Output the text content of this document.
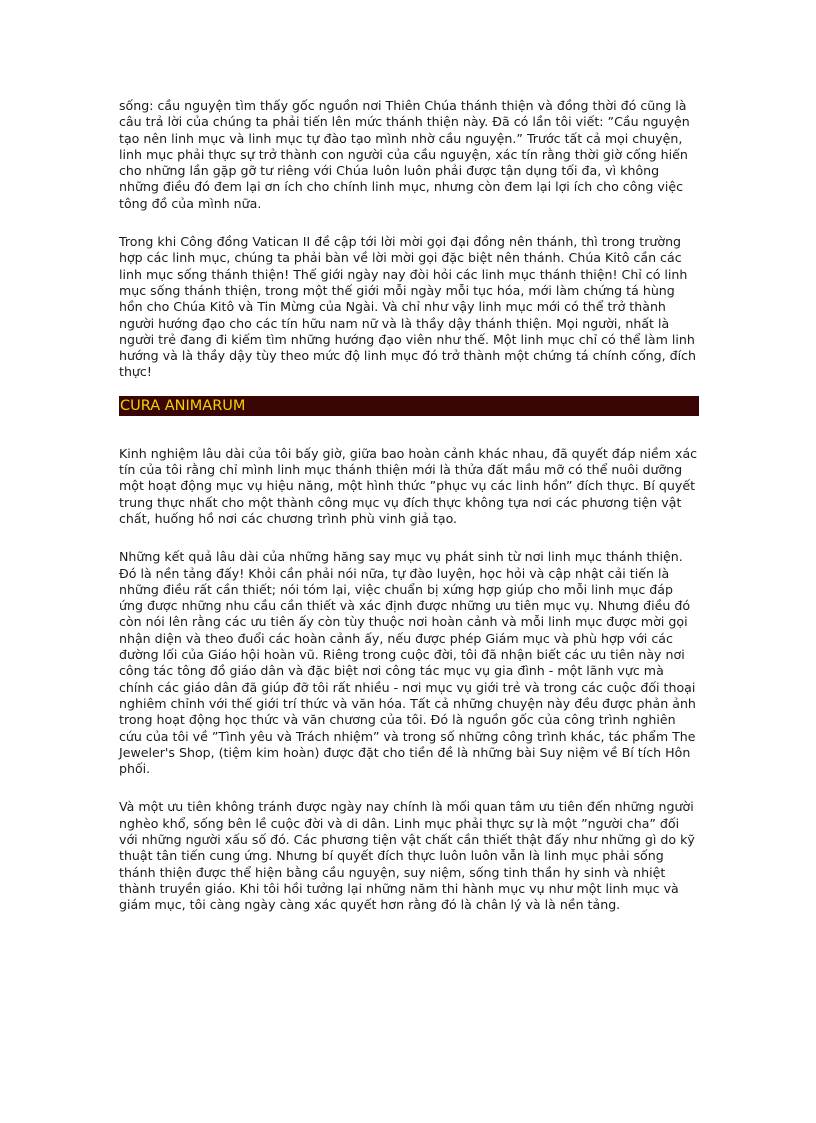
sống: cầu nguyện tìm thấy gốc nguồn nơi Thiên Chúa thánh thiện và đồng thời đó cũng là câu trả lời của chúng ta phải tiến lên mức thánh thiện này. Đã có lần tôi viết: ”Cầu nguyện tạo nên linh mục và linh mục tự đào tạo mình nhờ cầu nguyện.” Trước tất cả mọi chuyện, linh mục phải thực sự trở thành con người của cầu nguyện, xác tín rằng thời giờ cống hiến cho những lần gặp gỡ tư riêng với Chúa luôn luôn phải được tận dụng tối đa, vì không những điều đó đem lại ơn ích cho chính linh mục, nhưng còn đem lại lợi ích cho công việc tông đồ của mình nữa.

Trong khi Công đồng Vatican II đề cập tới lời mời gọi đại đồng nên thánh, thì trong trường hợp các linh mục, chúng ta phải bàn về lời mời gọi đặc biệt nên thánh. Chúa Kitô cần các linh mục sống thánh thiện! Thế giới ngày nay đòi hỏi các linh mục thánh thiện! Chỉ có linh mục sống thánh thiện, trong một thế giới mỗi ngày mỗi tục hóa, mới làm chứng tá hùng hồn cho Chúa Kitô và Tin Mừng của Ngài. Và chỉ như vậy linh mục mới có thể trở thành người hướng đạo cho các tín hữu nam nữ và là thầy dậy thánh thiện. Mọi người, nhất là người trẻ đang đi kiếm tìm những hướng đạo viên như thế. Một linh mục chỉ có thể làm linh hướng và là thầy dậy tùy theo mức độ linh mục đó trở thành một chứng tá chính cống, đích thực!

CURA ANIMARUM

Kinh nghiệm lâu dài của tôi bấy giờ, giữa bao hoàn cảnh khác nhau, đã quyết đáp niềm xác tín của tôi rằng chỉ mình linh mục thánh thiện mới là thửa đất mầu mỡ có thể nuôi dưỡng một hoạt động mục vụ hiệu năng, một hình thức ”phục vụ các linh hồn” đích thực. Bí quyết trung thực nhất cho một thành công mục vụ đích thực không tựa nơi các phương tiện vật chất, huống hồ nơi các chương trình phù vinh giả tạo.

Những kết quả lâu dài của những hăng say mục vụ phát sinh từ nơi linh mục thánh thiện. Đó là nền tảng đấy! Khỏi cần phải nói nữa, tự đào luyện, học hỏi và cập nhật cải tiến là những điều rất cần thiết; nói tóm lại, việc chuẩn bị xứng hợp giúp cho mỗi linh mục đáp ứng được những nhu cầu cần thiết và xác định được những ưu tiên mục vụ. Nhưng điều đó còn nói lên rằng các ưu tiên ấy còn tùy thuộc nơi hoàn cảnh và mỗi linh mục được mời gọi nhận diện và theo đuổi các hoàn cảnh ấy, nếu được phép Giám mục và phù hợp với các đường lối của Giáo hội hoàn vũ. Riêng trong cuộc đời, tôi đã nhận biết các ưu tiên này nơi công tác tông đồ giáo dân và đặc biệt nơi công tác mục vụ gia đình - một lãnh vực mà chính các giáo dân đã giúp đỡ tôi rất nhiều - nơi mục vụ giới trẻ và trong các cuộc đối thoại nghiêm chỉnh với thế giới trí thức và văn hóa. Tất cả những chuyện này đều được phản ảnh trong hoạt động học thức và văn chương của tôi. Đó là nguồn gốc của công trình nghiên cứu của tôi về ”Tình yêu và Trách nhiệm” và trong số những công trình khác, tác phẩm The Jeweler's Shop, (tiệm kim hoàn) được đặt cho tiền đề là những bài Suy niệm về Bí tích Hôn phối.

Và một ưu tiên không tránh được ngày nay chính là mối quan tâm ưu tiên đến những người nghèo khổ, sống bên lề cuộc đời và di dân. Linh mục phải thực sự là một ”người cha” đối với những người xấu số đó. Các phương tiện vật chất cần thiết thật đấy như những gì do kỹ thuật tân tiến cung ứng. Nhưng bí quyết đích thực luôn luôn vẫn là linh mục phải sống thánh thiện được thể hiện bằng cầu nguyện, suy niệm, sống tinh thần hy sinh và nhiệt thành truyền giáo. Khi tôi hồi tưởng lại những năm thi hành mục vụ như một linh mục và giám mục, tôi càng ngày càng xác quyết hơn rằng đó là chân lý và là nền tảng.
